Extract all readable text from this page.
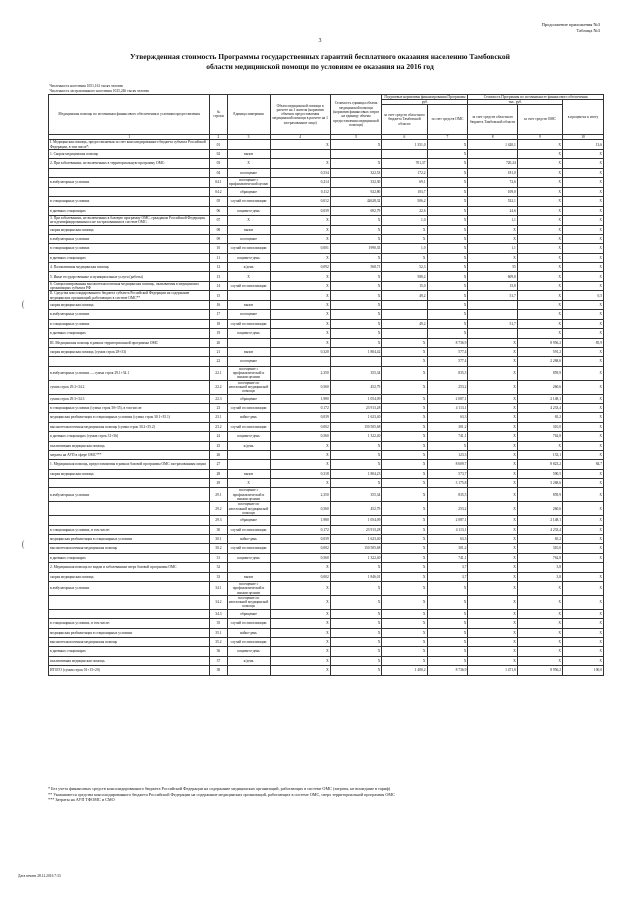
Продолжение приложения №3
Таблица №3
3
Утвержденная стоимость Программы государственных гарантий бесплатного оказания населению Тамбовской
области медицинской помощи по условиям ее оказания на 2016 год
Численность населения 1051,161 тысяч человек
Численность застрахованного населения 1025,246 тысяч человек									
Медицинская помощь по источникам финансового обеспечения и условиям предоставления	№ строки	Единица измерения	Объем медицинской помощи в расчете на 1 жителя (норматив объемов предоставления медицинской помощи в расчете на 1 застрахованное лицо)	Стоимость единицы объема медицинской помощи (норматив финансовых затрат на единицу объема предоставления медицинской помощи)	Подушевые нормативы финансирования Программы		Стоимость Программы по источникам ее финансового обеспечения		
					руб.		тыс. руб.		в процентах к итогу
					за счет средств областного бюджета Тамбовской области	за счет средств ОМС	за счет средств областного бюджета Тамбовской области	за счет средств ОМС	
1	2	3	4	5	6	7	8	9	10
I. Медицинская помощь, предоставляемая за счет консолидированного бюджета субъекта Российской Федерации, в том числе*:	01		X	X	1 351,0	X	1 420,1	X	13,6
1. Скорая медицинская помощь	02	вызов				X		X	X
2. При заболеваниях, не включенных в территориальную программу ОМС:	03	X	X	X	701,37	X	720,24	X	X
	04	посещение	0,534	322,53	172,2	X	181,0	X	X
в амбулаторных условиях	04.1	посещение с профилактической целью	0,214	332,30	69,1	X	72,6	X	X
	04.2	обращение	0,112	922,80	103,7	X	109,0	X	X
в стационарных условиях	05	случай госпитализации	0,012	42628,32	506,2	X	532,1	X	X
в дневных стационарах	06	пациенто-день	0,039	692,79	22,6	X	24,6	X	X
3. При заболеваниях, не включенных в базовую программу ОМС, гражданам Российской Федерации, не идентифицированным и не застрахованным в системе ОМС:	07	X	X	X	1,0	X	1,1	X	X
скорая медицинская помощь	08	вызов	X	X	X	X	X	X	X
в амбулаторных условиях	09	посещение	X	X	X	X	X	X	X
в стационарных условиях	10	случай госпитализации	0,001	1990,35	1,0	X	1,1	X	X
в дневных стационарах	11	пациенто-день	X	X	X	X	X	X	X
4. Паллиативная медицинская помощь	12	к/день	0,092	568,71	52,3	X	55	X	X
5. Иные государственные и муниципальные услуги (работы)	13	X	X	X	580,2	X	609,8	X	X
6. Специализированная высокотехнологичная медицинская помощь, оказываемая в медицинских организациях субъекта РФ	14	случай госпитализации	X	X	15,0	X	15,8	X	X
II. Средства консолидированного бюджета субъекта Российской Федерации на содержание медицинских организаций, работающих в системе ОМС**	15		X	X	49,2	X	51,7	X	0,5
скорая медицинская помощь	16	вызов	X	X		X		X	X
в амбулаторных условиях	17	посещение	X	X		X		X	X
в стационарных условиях	18	случай госпитализации	X	X	49,2	X	51,7	X	X
в дневных стационарах	19	пациенто-день	X	X		X		X	X
III. Медицинская помощь в рамках территориальной программы ОМС	20		X	X	X	8 736,9	X	8 956,2	85,9
скорая медицинская помощь (сумма строк 28+33)	21	вызов	0,320	1 804,42	X	577,4	X	591,2	X
	22	посещение			X	577,4	X	2 268,6	X
в амбулаторных условиях — сумма строк 29.1+34.1	22.1	посещение с профилактической и иными целями	2,350	355,34	X	835,5	X	859,9	X
сумма строк 29.2+34.2	22.2	посещение по неотложной медицинской помощи	0,560	452,79	X	253,2	X	260,6	X
сумма строк 29.3+34.3	22.3	обращение	1,980	1 054,09	X	2 087,1	X	2 148,1	X
в стационарных условиях (сумма строк 30+35), в том числе:	23	случай госпитализации	0,172	23 913,28	X	4 113,1	X	4 233,4	X
медицинская реабилитация в стационарных условиях (сумма строк 30.1+35.1)	23.1	койко-день	0,039	1 623,40	X	63,3	X	65,2	X
высокотехнологичная медицинская помощь (сумма строк 30.2+35.2)	23.2	случай госпитализации	0,002	150 505,68	X	301,2	X	310,0	X
в дневных стационарах (сумма строк 31+36)	24	пациенто-день	0,560	1 322,40	X	741,1	X	762,8	X
паллиативная медицинская помощь	25	к/день	X	X	X	X	X	X	X
затраты на АУП в сфере ОМС***	26		X	X	X	123,3	X	133,1	X
1. Медицинская помощь, предоставляемая в рамках базовой программы ОМС застрахованным лицам	27		X	X	X	8 609,7	X	8 823,2	84,7
скорая медицинская помощь	28	вызов	0,318	1 804,23	X	573,7	X	590,5	X
	29	X	X	X	X	3 175,8	X	3 268,6	X
в амбулаторных условиях	29.1	посещение с профилактической и иными целями	2,350	355,34	X	835,5	X	859,9	X
	29.2	посещение по неотложной медицинской помощи	0,560	452,79	X	253,2	X	260,6	X
	29.3	обращение	1,980	1 054,09	X	2 087,1	X	2 148,1	X
в стационарных условиях, в том числе:	30	случай госпитализации	0,172	23 913,28	X	4 113,1	X	4 233,4	X
медицинская реабилитация в стационарных условиях	30.1	койко-день	0,039	1 623,40	X	63,3	X	65,2	X
высокотехнологичная медицинская помощь	30.2	случай госпитализации	0,002	150 505,68	X	301,2	X	310,0	X
в дневных стационарах	31	пациенто-день	0,560	1 322,40	X	741,1	X	762,8	X
2. Медицинская помощь по видам и заболеваниям сверх базовой программы ОМС	32		X	X	X	3,7	X	3,8	
скорая медицинская помощь	33	вызов	0,002	1 846,01	X	3,7	X	3,8	X
в амбулаторных условиях	34.1	посещение с профилактической и иными целями	X	X	X	X	X	X	X
	34.2	посещение по неотложной медицинской помощи	X	X	X	X	X	X	X
	34.3	обращение	X	X	X	X	X	X	X
в стационарных условиях, в том числе:	35	случай госпитализации	X	X	X	X	X	X	X
медицинская реабилитация в стационарных условиях	35.1	койко-день	X	X	X	X	X	X	X
высокотехнологичная медицинская помощь	35.2	случай госпитализации	X	X	X	X	X	X	X
в дневных стационарах	36	пациенто-день	X	X	X	X	X	X	X
паллиативная медицинская помощь	37	к/день	X	X	X	X	X	X	X
ИТОГО (сумма строк 01+15+20)	38		X	X	1 400,2	8 736,9	1 471,8	8 956,2	100,0
* Без учета финансовых средств консолидированного бюджета Российской Федерации на содержание медицинских организаций, работающих в системе ОМС (затраты, не вошедшие в тариф)
** Указываются средства консолидированного бюджета Российской Федерации на содержание медицинских организаций, работающих в системе ОМС, сверх территориальной программы ОМС
*** Затраты на АУП ТФОМС и СМО
Дата печати 28.12.2016 7:33
